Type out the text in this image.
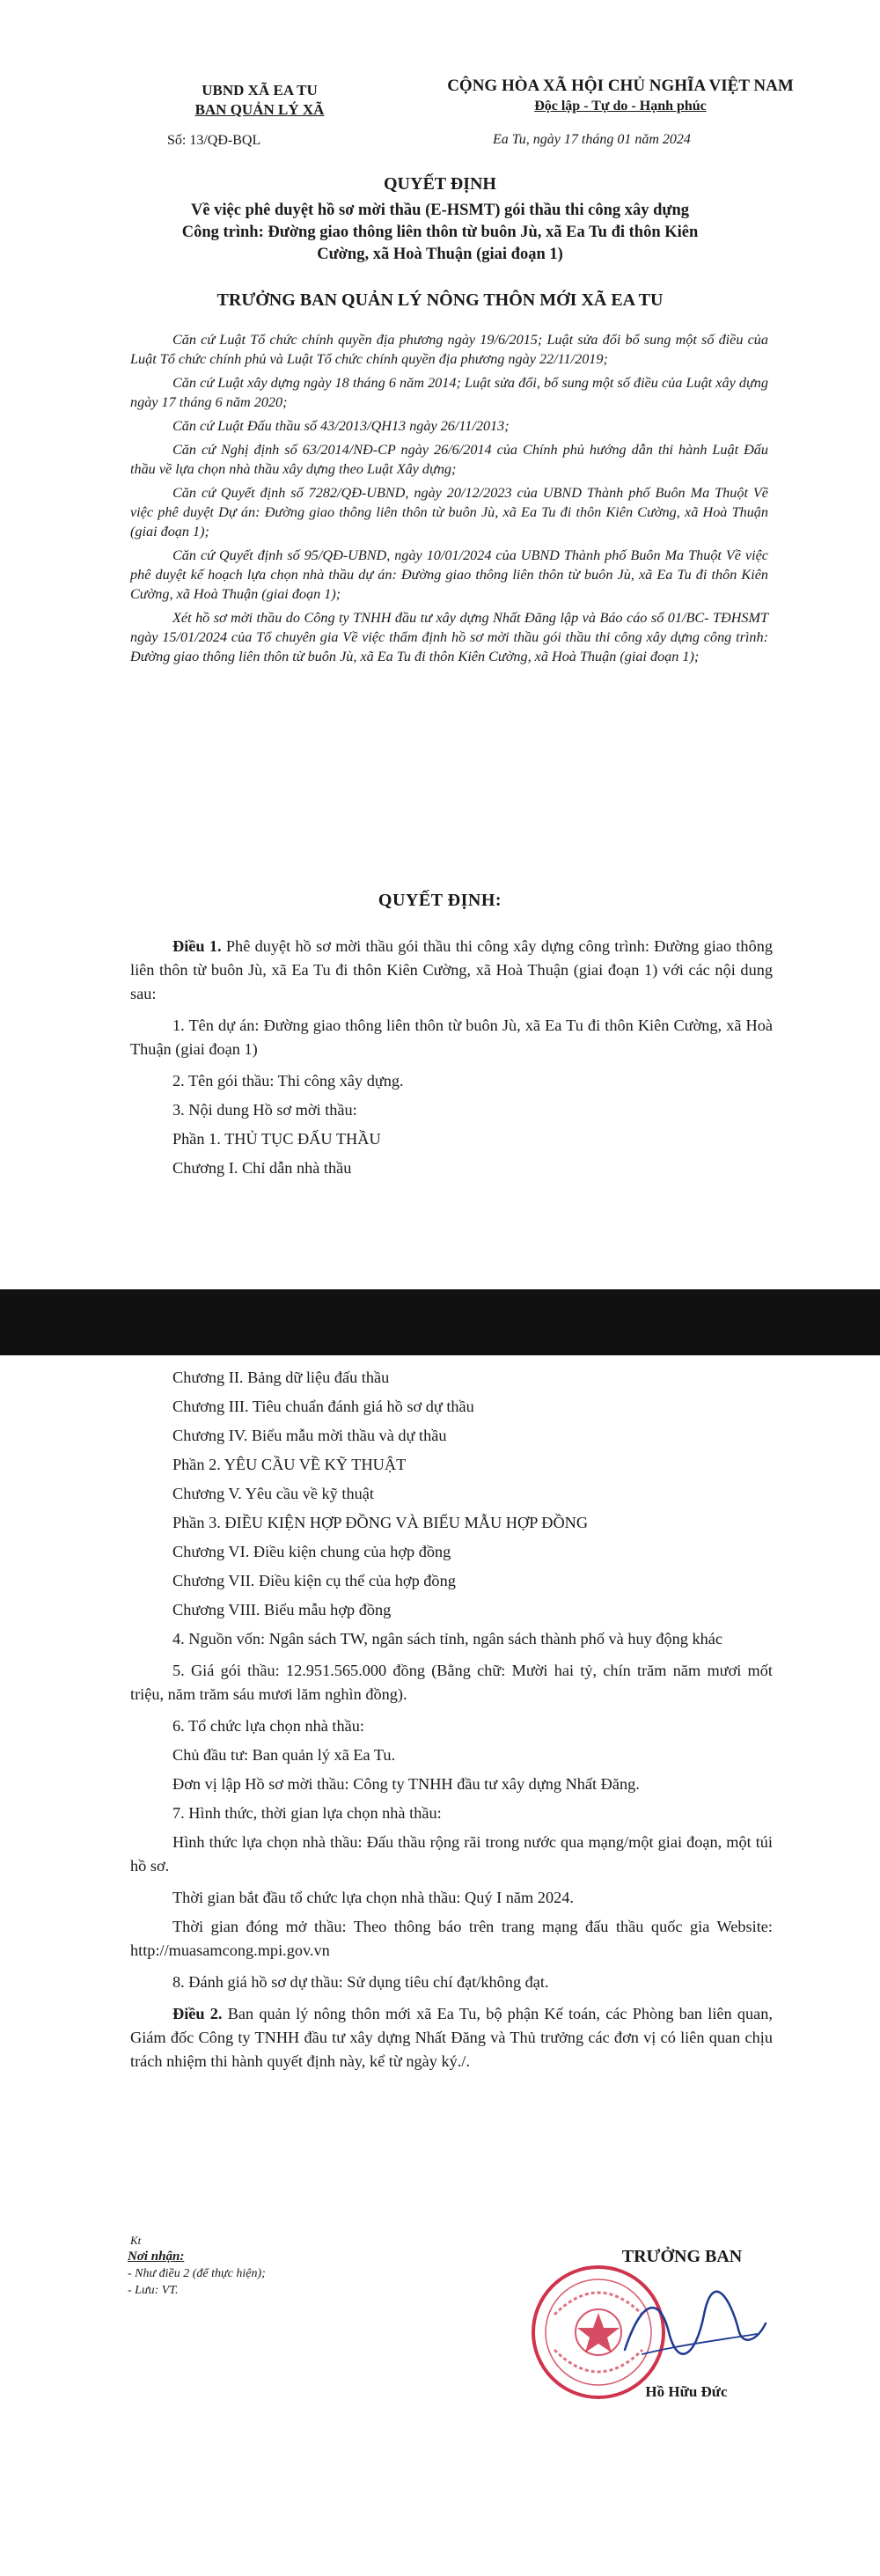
UBND XÃ EA TU
BAN QUẢN LÝ XÃ
CỘNG HÒA XÃ HỘI CHỦ NGHĨA VIỆT NAM
Độc lập - Tự do - Hạnh phúc
Số: 13/QĐ-BQL	Ea Tu, ngày 17 tháng 01 năm 2024
QUYẾT ĐỊNH
Về việc phê duyệt hồ sơ mời thầu (E-HSMT) gói thầu thi công xây dựng
Công trình: Đường giao thông liên thôn từ buôn Jù, xã Ea Tu đi thôn Kiên
Cường, xã Hoà Thuận (giai đoạn 1)
TRƯỞNG BAN QUẢN LÝ NÔNG THÔN MỚI XÃ EA TU
Căn cứ Luật Tổ chức chính quyền địa phương ngày 19/6/2015; Luật sửa đổi bổ sung một số điều của Luật Tổ chức chính phủ và Luật Tổ chức chính quyền địa phương ngày 22/11/2019;
Căn cứ Luật xây dựng ngày 18 tháng 6 năm 2014; Luật sửa đổi, bổ sung một số điều của Luật xây dựng ngày 17 tháng 6 năm 2020;
Căn cứ Luật Đấu thầu số 43/2013/QH13 ngày 26/11/2013;
Căn cứ Nghị định số 63/2014/NĐ-CP ngày 26/6/2014 của Chính phủ hướng dẫn thi hành Luật Đấu thầu về lựa chọn nhà thầu xây dựng theo Luật Xây dựng;
Căn cứ Quyết định số 7282/QĐ-UBND, ngày 20/12/2023 của UBND Thành phố Buôn Ma Thuột Về việc phê duyệt Dự án: Đường giao thông liên thôn từ buôn Jù, xã Ea Tu đi thôn Kiên Cường, xã Hoà Thuận (giai đoạn 1);
Căn cứ Quyết định số 95/QĐ-UBND, ngày 10/01/2024 của UBND Thành phố Buôn Ma Thuột Về việc phê duyệt kế hoạch lựa chọn nhà thầu dự án: Đường giao thông liên thôn từ buôn Jù, xã Ea Tu đi thôn Kiên Cường, xã Hoà Thuận (giai đoạn 1);
Xét hồ sơ mời thầu do Công ty TNHH đầu tư xây dựng Nhất Đăng lập và Báo cáo số 01/BC- TĐHSMT ngày 15/01/2024 của Tổ chuyên gia Về việc thẩm định hồ sơ mời thầu gói thầu thi công xây dựng công trình: Đường giao thông liên thôn từ buôn Jù, xã Ea Tu đi thôn Kiên Cường, xã Hoà Thuận (giai đoạn 1);
QUYẾT ĐỊNH:
Điều 1. Phê duyệt hồ sơ mời thầu gói thầu thi công xây dựng công trình: Đường giao thông liên thôn từ buôn Jù, xã Ea Tu đi thôn Kiên Cường, xã Hoà Thuận (giai đoạn 1) với các nội dung sau:
1. Tên dự án: Đường giao thông liên thôn từ buôn Jù, xã Ea Tu đi thôn Kiên Cường, xã Hoà Thuận (giai đoạn 1)
2. Tên gói thầu: Thi công xây dựng.
3. Nội dung Hồ sơ mời thầu:
Phần 1. THỦ TỤC ĐẤU THẦU
Chương I. Chỉ dẫn nhà thầu
Chương II. Bảng dữ liệu đấu thầu
Chương III. Tiêu chuẩn đánh giá hồ sơ dự thầu
Chương IV. Biểu mẫu mời thầu và dự thầu
Phần 2. YÊU CẦU VỀ KỸ THUẬT
Chương V. Yêu cầu về kỹ thuật
Phần 3. ĐIỀU KIỆN HỢP ĐỒNG VÀ BIỂU MẪU HỢP ĐỒNG
Chương VI. Điều kiện chung của hợp đồng
Chương VII. Điều kiện cụ thể của hợp đồng
Chương VIII. Biểu mẫu hợp đồng
4. Nguồn vốn: Ngân sách TW, ngân sách tỉnh, ngân sách thành phố và huy động khác
5. Giá gói thầu: 12.951.565.000 đồng (Bằng chữ: Mười hai tỷ, chín trăm năm mươi mốt triệu, năm trăm sáu mươi lăm nghìn đồng).
6. Tổ chức lựa chọn nhà thầu:
Chủ đầu tư: Ban quản lý xã Ea Tu.
Đơn vị lập Hồ sơ mời thầu: Công ty TNHH đầu tư xây dựng Nhất Đăng.
7. Hình thức, thời gian lựa chọn nhà thầu:
Hình thức lựa chọn nhà thầu: Đấu thầu rộng rãi trong nước qua mạng/một giai đoạn, một túi hồ sơ.
Thời gian bắt đầu tổ chức lựa chọn nhà thầu: Quý I năm 2024.
Thời gian đóng mở thầu: Theo thông báo trên trang mạng đấu thầu quốc gia Website: http://muasamcong.mpi.gov.vn
8. Đánh giá hồ sơ dự thầu: Sử dụng tiêu chí đạt/không đạt.
Điều 2. Ban quản lý nông thôn mới xã Ea Tu, bộ phận Kế toán, các Phòng ban liên quan, Giám đốc Công ty TNHH đầu tư xây dựng Nhất Đăng và Thủ trưởng các đơn vị có liên quan chịu trách nhiệm thi hành quyết định này, kể từ ngày ký./.
Kt
Nơi nhận:
- Như điều 2 (để thực hiện);
- Lưu: VT.
TRƯỞNG BAN
Hồ Hữu Đức
